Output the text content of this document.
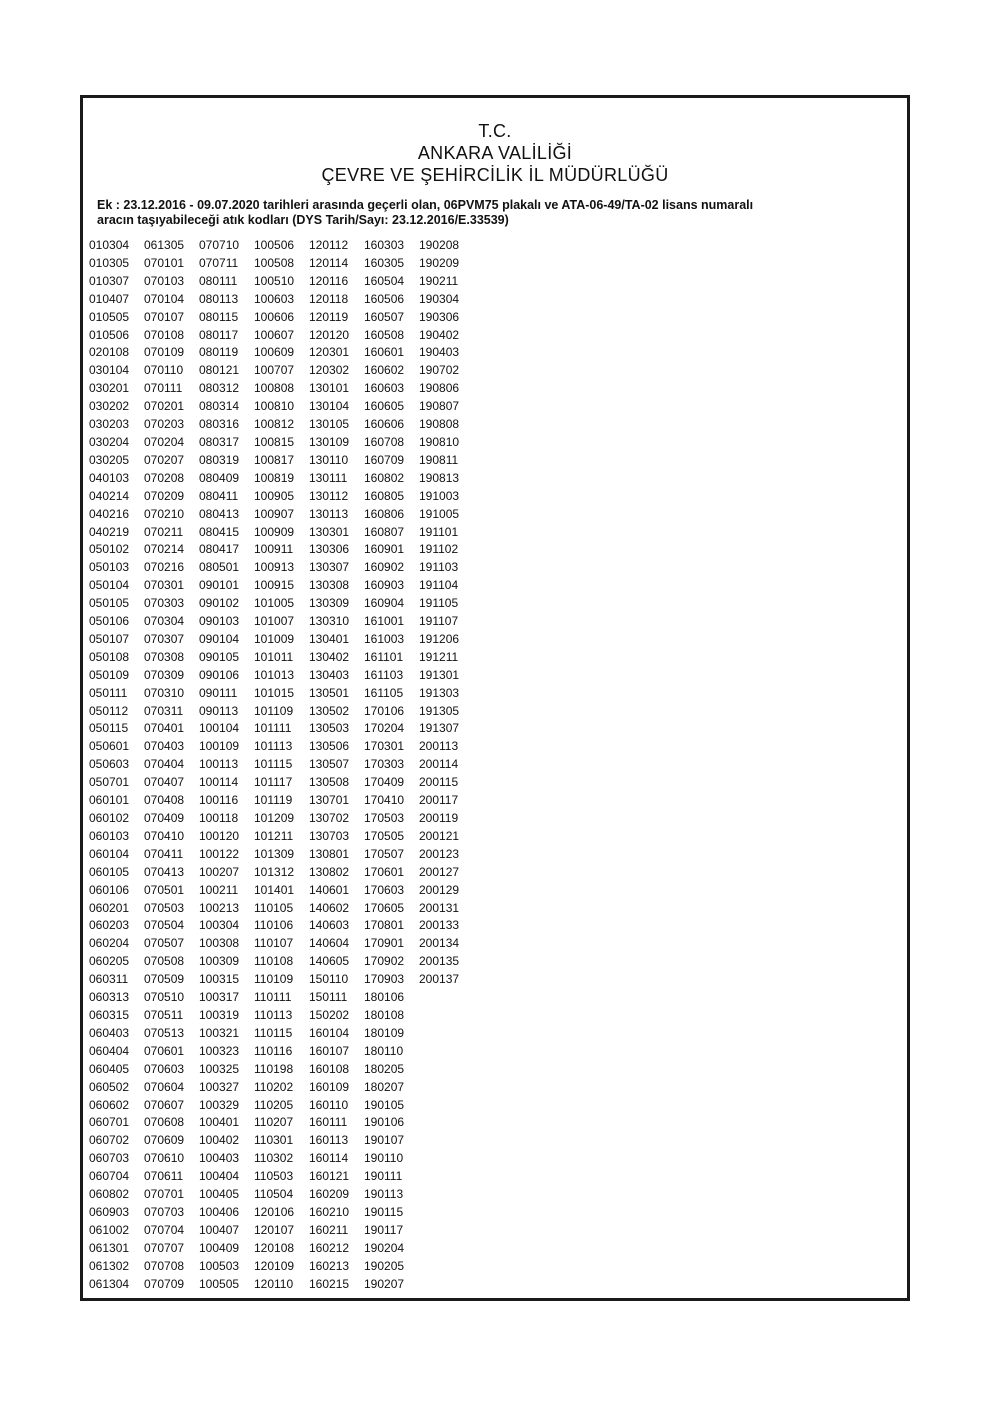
T.C.
ANKARA VALİLİĞİ
ÇEVRE VE ŞEHİRCİLİK İL MÜDÜRLÜĞÜ
Ek : 23.12.2016 - 09.07.2020 tarihleri arasında geçerli olan, 06PVM75 plakalı ve ATA-06-49/TA-02 lisans numaralı
aracın taşıyabileceği atık kodları (DYS Tarih/Sayı: 23.12.2016/E.33539)
010304
010305
010307
010407
010505
010506
020108
030104
030201
030202
030203
030204
030205
040103
040214
040216
040219
050102
050103
050104
050105
050106
050107
050108
050109
050111
050112
050115
050601
050603
050701
060101
060102
060103
060104
060105
060106
060201
060203
060204
060205
060311
060313
060315
060403
060404
060405
060502
060602
060701
060702
060703
060704
060802
060903
061002
061301
061302
061304
061305
070101
070103
070104
070107
070108
070109
070110
070111
070201
070203
070204
070207
070208
070209
070210
070211
070214
070216
070301
070303
070304
070307
070308
070309
070310
070311
070401
070403
070404
070407
070408
070409
070410
070411
070413
070501
070503
070504
070507
070508
070509
070510
070511
070513
070601
070603
070604
070607
070608
070609
070610
070611
070701
070703
070704
070707
070708
070709
070710
070711
080111
080113
080115
080117
080119
080121
080312
080314
080316
080317
080319
080409
080411
080413
080415
080417
080501
090101
090102
090103
090104
090105
090106
090111
090113
100104
100109
100113
100114
100116
100118
100120
100122
100207
100211
100213
100304
100308
100309
100315
100317
100319
100321
100323
100325
100327
100329
100401
100402
100403
100404
100405
100406
100407
100409
100503
100505
100506
100508
100510
100603
100606
100607
100609
100707
100808
100810
100812
100815
100817
100819
100905
100907
100909
100911
100913
100915
101005
101007
101009
101011
101013
101015
101109
101111
101113
101115
101117
101119
101209
101211
101309
101312
101401
110105
110106
110107
110108
110109
110111
110113
110115
110116
110198
110202
110205
110207
110301
110302
110503
110504
120106
120107
120108
120109
120110
120112
120114
120116
120118
120119
120120
120301
120302
130101
130104
130105
130109
130110
130111
130112
130113
130301
130306
130307
130308
130309
130310
130401
130402
130403
130501
130502
130503
130506
130507
130508
130701
130702
130703
130801
130802
140601
140602
140603
140604
140605
150110
150111
150202
160104
160107
160108
160109
160110
160111
160113
160114
160121
160209
160210
160211
160212
160213
160215
160303
160305
160504
160506
160507
160508
160601
160602
160603
160605
160606
160708
160709
160802
160805
160806
160807
160901
160902
160903
160904
161001
161003
161101
161103
161105
170106
170204
170301
170303
170409
170410
170503
170505
170507
170601
170603
170605
170801
170901
170902
170903
180106
180108
180109
180110
180205
180207
190105
190106
190107
190110
190111
190113
190115
190117
190204
190205
190207
190208
190209
190211
190304
190306
190402
190403
190702
190806
190807
190808
190810
190811
190813
191003
191005
191101
191102
191103
191104
191105
191107
191206
191211
191301
191303
191305
191307
200113
200114
200115
200117
200119
200121
200123
200127
200129
200131
200133
200134
200135
200137
